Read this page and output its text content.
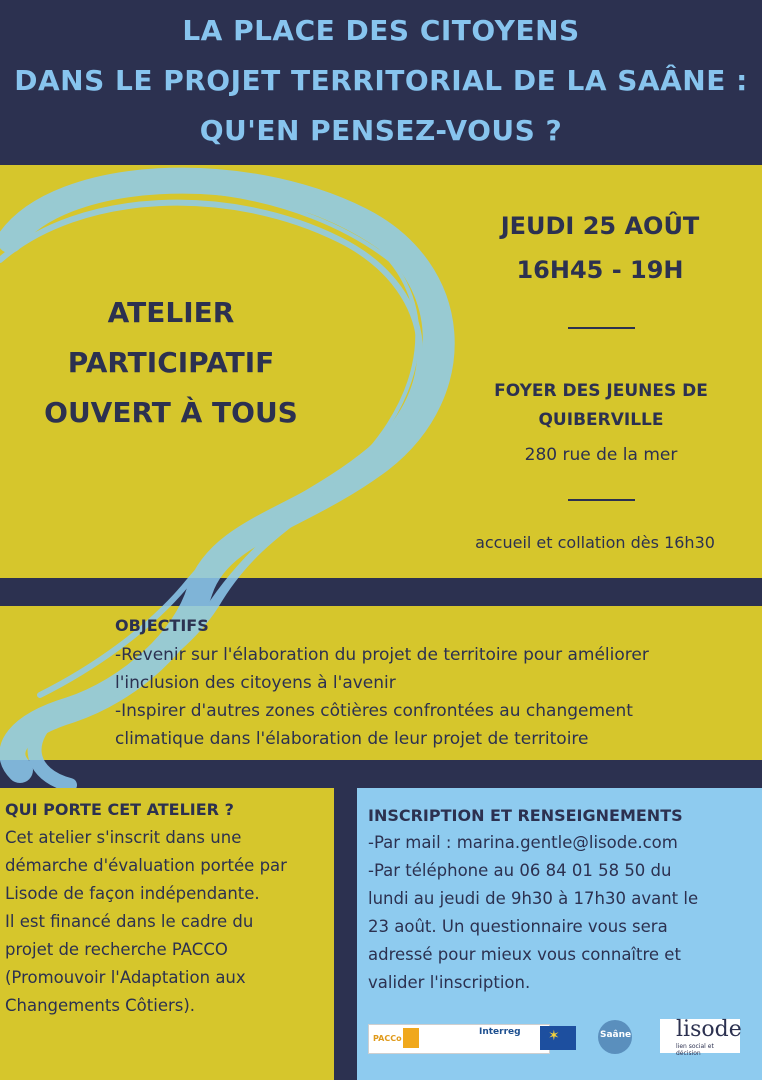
LA PLACE DES CITOYENS
DANS LE PROJET TERRITORIAL DE LA SAÂNE :
QU'EN PENSEZ-VOUS ?
ATELIER
PARTICIPATIF
OUVERT À TOUS
JEUDI 25 AOÛT
16H45 - 19H
FOYER DES JEUNES DE
QUIBERVILLE
280 rue de la mer
accueil et collation dès 16h30
OBJECTIFS
-Revenir sur l'élaboration du projet de territoire pour améliorer
l'inclusion des citoyens à l'avenir
-Inspirer d'autres zones côtières confrontées au changement
climatique dans l'élaboration de leur projet de territoire
QUI PORTE CET ATELIER ?
Cet atelier s'inscrit dans une
démarche d'évaluation portée par
Lisode de façon indépendante.
Il est financé dans le cadre du
projet de recherche PACCO
(Promouvoir l'Adaptation aux
Changements Côtiers).
INSCRIPTION ET RENSEIGNEMENTS
-Par mail : marina.gentle@lisode.com
-Par téléphone au 06 84 01 58 50 du
lundi au jeudi de 9h30 à 17h30 avant le
23 août. Un questionnaire vous sera
adressé pour mieux vous connaître et
valider l'inscription.
PACCo
Interreg ✶	Saâne lisode
lien social et décision
